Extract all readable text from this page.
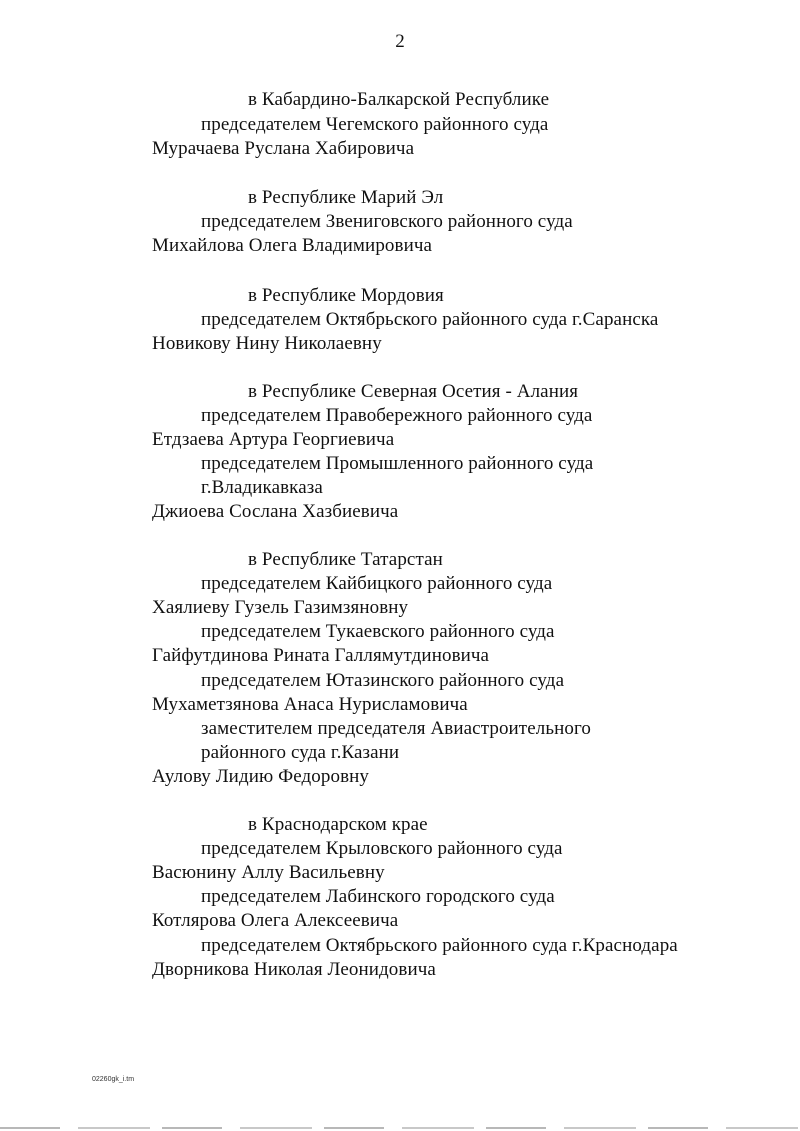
2
в Кабардино-Балкарской Республике
председателем Чегемского районного суда
Мурачаева Руслана Хабировича
в Республике Марий Эл
председателем Звениговского районного суда
Михайлова Олега Владимировича
в Республике Мордовия
председателем Октябрьского районного суда г.Саранска
Новикову Нину Николаевну
в Республике Северная Осетия - Алания
председателем Правобережного районного суда
Етдзаева Артура Георгиевича
председателем Промышленного районного суда
г.Владикавказа
Джиоева Сослана Хазбиевича
в Республике Татарстан
председателем Кайбицкого районного суда
Хаялиеву Гузель Газимзяновну
председателем Тукаевского районного суда
Гайфутдинова Рината Галлямутдиновича
председателем Ютазинского районного суда
Мухаметзянова Анаса Нурисламовича
заместителем председателя Авиастроительного
районного суда г.Казани
Аулову Лидию Федоровну
в Краснодарском крае
председателем Крыловского районного суда
Васюнину Аллу Васильевну
председателем Лабинского городского суда
Котлярова Олега Алексеевича
председателем Октябрьского районного суда г.Краснодара
Дворникова Николая Леонидовича
02260gk_i.tm
